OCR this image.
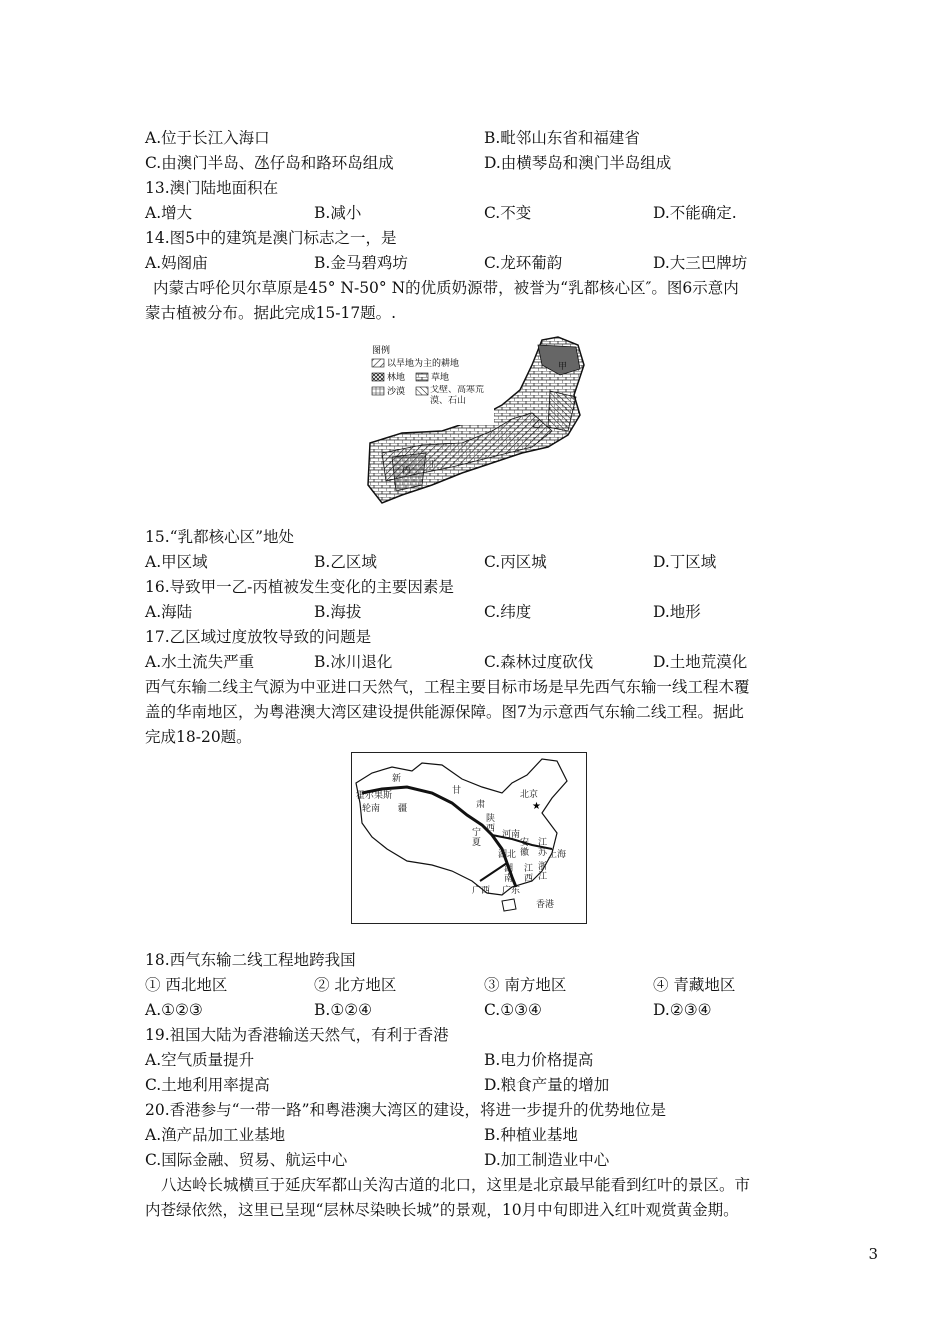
A.位于长江入海口	B.毗邻山东省和福建省
C.由澳门半岛、氹仔岛和路环岛组成	D.由横琴岛和澳门半岛组成
13.澳门陆地面积在
A.增大	B.减小	C.不变	D.不能确定.
14.图5中的建筑是澳门标志之一，是
A.妈阁庙	B.金马碧鸡坊	C.龙环葡韵	D.大三巴牌坊
内蒙古呼伦贝尔草原是45° N-50° N的优质奶源带，被誉为“乳都核心区″。图6示意内
蒙古植被分布。据此完成15-17题。.
图例
以旱地为主的耕地
林地	草地
沙漠	戈壁、高寒荒漠、石山
甲
乙
丙
丁
15.“乳都核心区”地处
A.甲区域	B.乙区域	C.丙区城	D.丁区域
16.导致甲一乙-丙植被发生变化的主要因素是
A.海陆	B.海拔	C.纬度	D.地形
17.乙区域过度放牧导致的问题是
A.水土流失严重	B.冰川退化	C.森林过度砍伐	D.土地荒漠化
西气东输二线主气源为中亚进口天然气，工程主要目标市场是早先西气东输一线工程木覆
盖的华南地区，为粤港澳大湾区建设提供能源保障。图7为示意西气东输二线工程。据此
完成18-20题。
★
新
霍尔果斯
轮南 疆
甘
肃
北京
陕
西
宁
夏
河南
安
徽
江
苏 上海
湖北
湖
南
浙
江
江
西
广西 广东
香港
18.西气东输二线工程地跨我国
① 西北地区	② 北方地区	③ 南方地区	④ 青藏地区
A.①②③	B.①②④	C.①③④	D.②③④
19.祖国大陆为香港输送天然气，有利于香港
A.空气质量提升	B.电力价格提高
C.土地利用率提高	D.粮食产量的增加
20.香港参与“一带一路”和粤港澳大湾区的建设，将进一步提升的优势地位是
A.渔产品加工业基地	B.种植业基地
C.国际金融、贸易、航运中心	D.加工制造业中心
八达岭长城横亘于延庆军都山关沟古道的北口，这里是北京最早能看到红叶的景区。市
内苍绿依然，这里已呈现“层林尽染映长城”的景观，10月中旬即进入红叶观赏黄金期。
3
